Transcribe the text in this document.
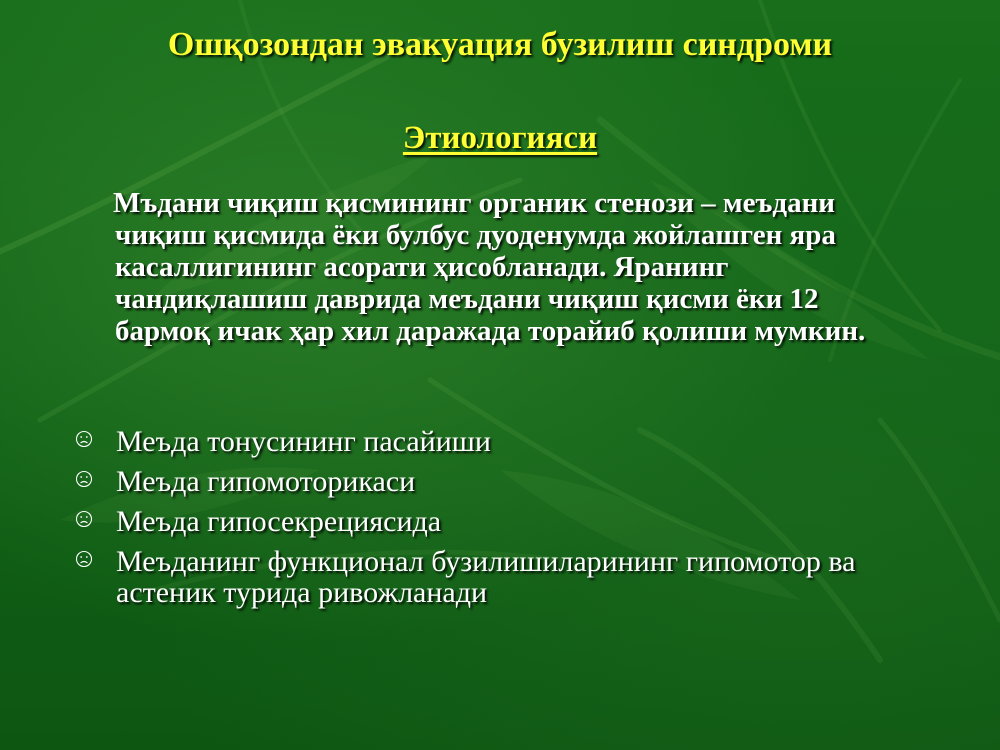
Ошқозондан эвакуация бузилиш синдроми
Этиологияси

Мъдани чиқиш қисмининг органик стенози – меъдани чиқиш қисмида ёки булбус дуоденумда жойлашген яра касаллигининг асорати ҳисобланади. Яранинг чандиқлашиш даврида меъдани чиқиш қисми ёки 12 бармоқ ичак ҳар хил даражада торайиб қолиши мумкин.

Меъда тонусининг пасайиши
Меъда гипомоторикаси
Меъда гипосекрециясида
Меъданинг функционал бузилишиларининг гипомотор ва астеник турида ривожланади
